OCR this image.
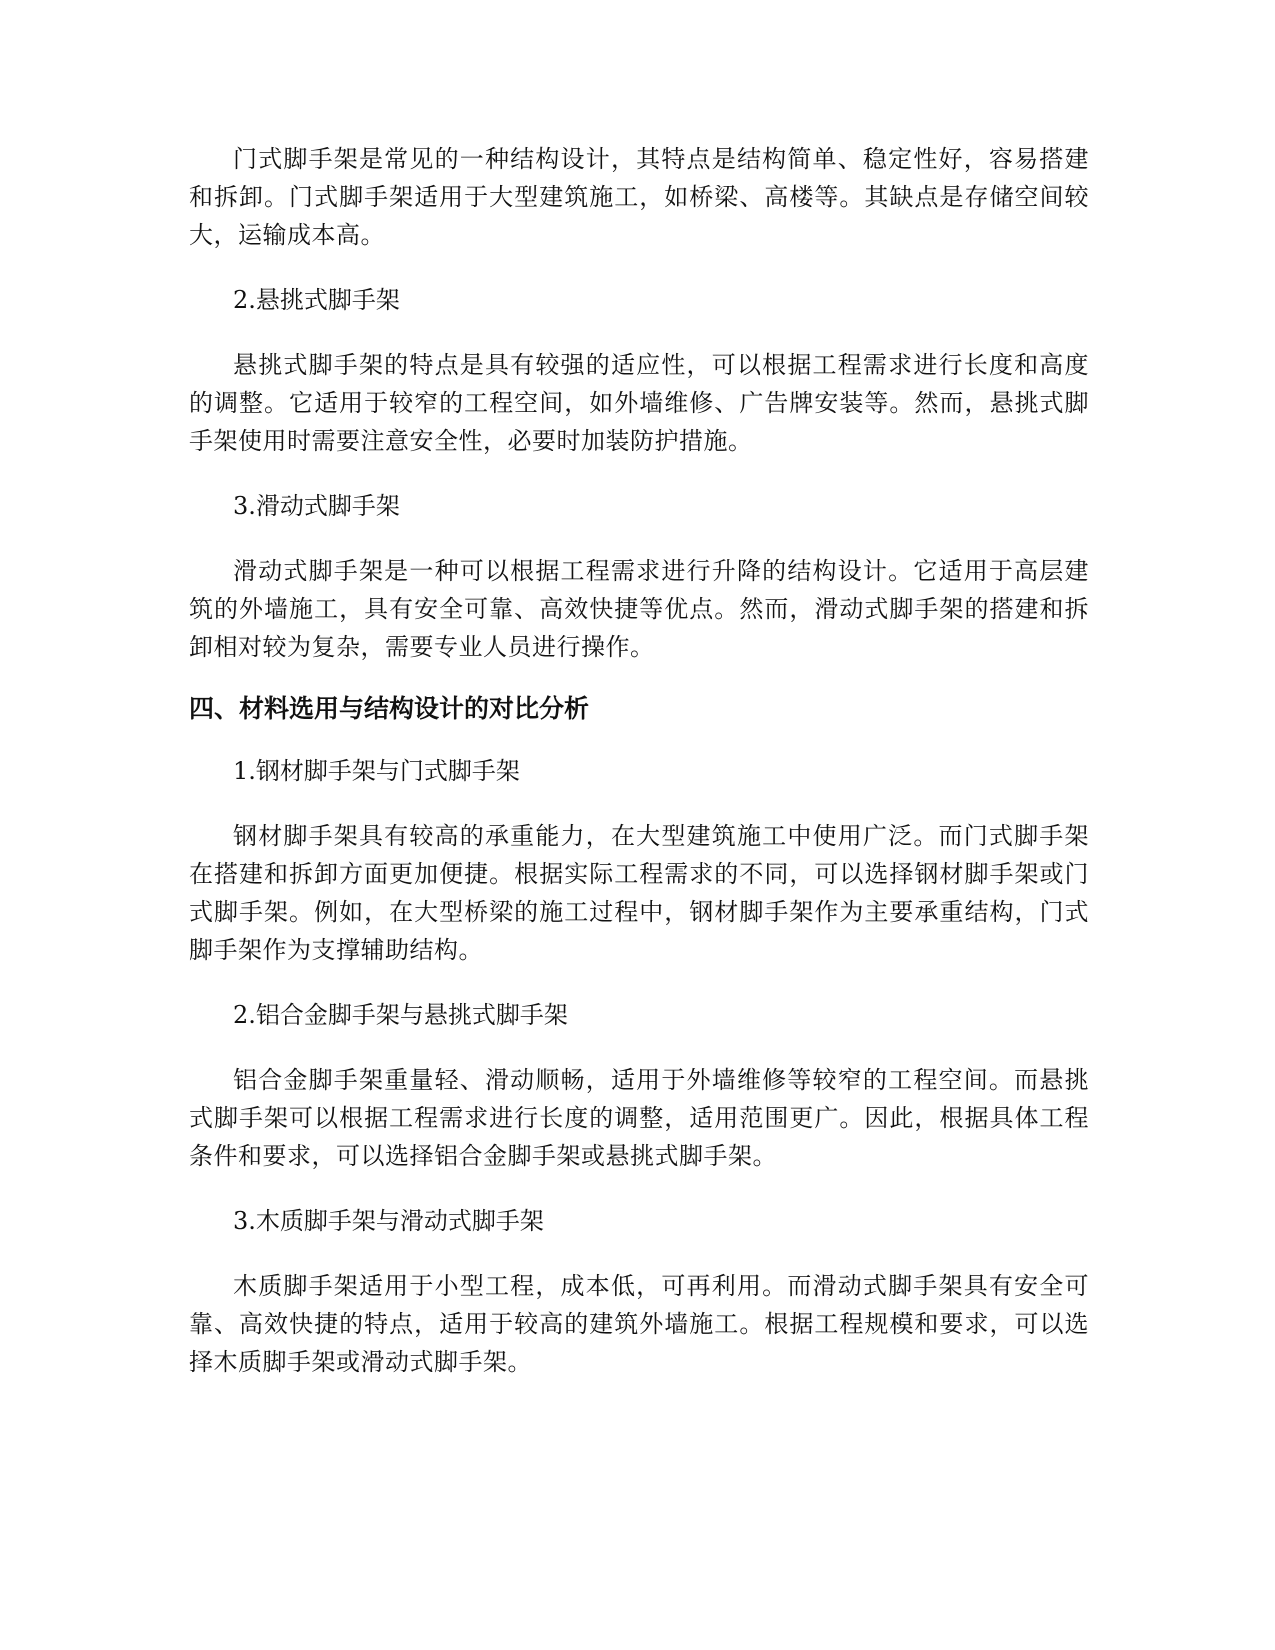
门式脚手架是常见的一种结构设计，其特点是结构简单、稳定性好，容易搭建和拆卸。门式脚手架适用于大型建筑施工，如桥梁、高楼等。其缺点是存储空间较大，运输成本高。

2.悬挑式脚手架

悬挑式脚手架的特点是具有较强的适应性，可以根据工程需求进行长度和高度的调整。它适用于较窄的工程空间，如外墙维修、广告牌安装等。然而，悬挑式脚手架使用时需要注意安全性，必要时加装防护措施。

3.滑动式脚手架

滑动式脚手架是一种可以根据工程需求进行升降的结构设计。它适用于高层建筑的外墙施工，具有安全可靠、高效快捷等优点。然而，滑动式脚手架的搭建和拆卸相对较为复杂，需要专业人员进行操作。

四、材料选用与结构设计的对比分析

1.钢材脚手架与门式脚手架

钢材脚手架具有较高的承重能力，在大型建筑施工中使用广泛。而门式脚手架在搭建和拆卸方面更加便捷。根据实际工程需求的不同，可以选择钢材脚手架或门式脚手架。例如，在大型桥梁的施工过程中，钢材脚手架作为主要承重结构，门式脚手架作为支撑辅助结构。

2.铝合金脚手架与悬挑式脚手架

铝合金脚手架重量轻、滑动顺畅，适用于外墙维修等较窄的工程空间。而悬挑式脚手架可以根据工程需求进行长度的调整，适用范围更广。因此，根据具体工程条件和要求，可以选择铝合金脚手架或悬挑式脚手架。

3.木质脚手架与滑动式脚手架

木质脚手架适用于小型工程，成本低，可再利用。而滑动式脚手架具有安全可靠、高效快捷的特点，适用于较高的建筑外墙施工。根据工程规模和要求，可以选择木质脚手架或滑动式脚手架。
